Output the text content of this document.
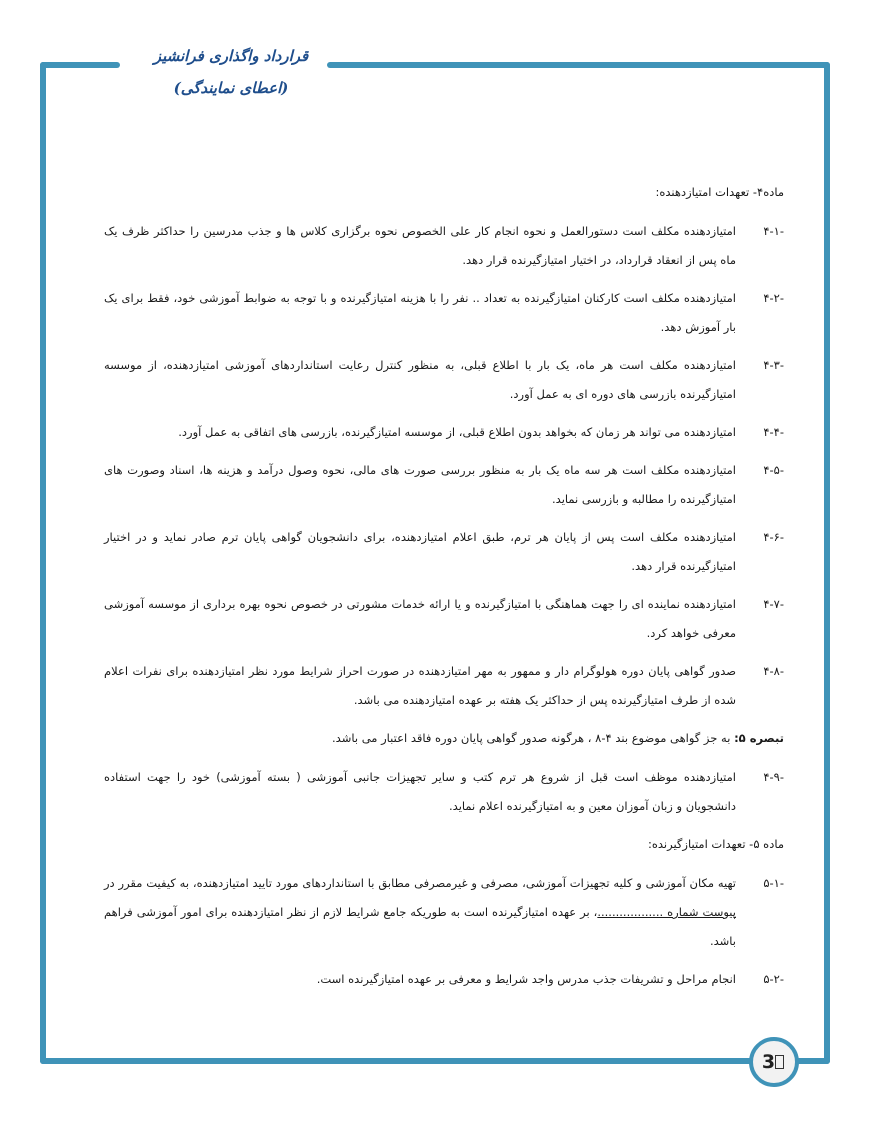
قرارداد واگذاری فرانشیز (اعطای نمایندگی)
3
ماده۴- تعهدات امتیازدهنده:
۴-۱-
امتیازدهنده مکلف است دستورالعمل و نحوه انجام کار علی الخصوص نحوه برگزاری کلاس ها و جذب مدرسین را حداکثر ظرف یک ماه پس از انعقاد قرارداد، در اختیار امتیازگیرنده قرار دهد.
۴-۲-
امتیازدهنده مکلف است کارکنان امتیازگیرنده به تعداد .. نفر را با هزینه امتیازگیرنده و با توجه به ضوابط آموزشی خود، فقط برای یک بار آموزش دهد.
۴-۳-
امتیازدهنده مکلف است هر ماه، یک بار با اطلاع قبلی، به منظور کنترل رعایت استانداردهای آموزشی امتیازدهنده، از موسسه امتیازگیرنده بازرسی های دوره ای به عمل آورد.
۴-۴-
امتیازدهنده می تواند هر زمان که بخواهد بدون اطلاع قبلی، از موسسه امتیازگیرنده، بازرسی های اتفاقی به عمل آورد.
۴-۵-
امتیازدهنده مکلف است هر سه ماه یک بار به منظور بررسی صورت های مالی، نحوه وصول درآمد و هزینه ها، اسناد وصورت های امتیازگیرنده را مطالبه و بازرسی نماید.
۴-۶-
امتیازدهنده مکلف است پس از پایان هر ترم، طبق اعلام امتیازدهنده، برای دانشجویان گواهی پایان ترم صادر نماید و در اختیار امتیازگیرنده قرار دهد.
۴-۷-
امتیازدهنده نماینده ای را جهت هماهنگی با امتیازگیرنده و یا ارائه خدمات مشورتی در خصوص نحوه بهره برداری از موسسه آموزشی معرفی خواهد کرد.
۴-۸-
صدور گواهی پایان دوره هولوگرام دار و ممهور به مهر امتیازدهنده در صورت احراز شرایط مورد نظر امتیازدهنده برای نفرات اعلام شده از طرف امتیازگیرنده پس از حداکثر یک هفته بر عهده امتیازدهنده می باشد.
تبصره ۵: به جز گواهی موضوع بند ۴-۸ ، هرگونه صدور گواهی پایان دوره فاقد اعتبار می باشد.
۴-۹-
امتیازدهنده موظف است قبل از شروع هر ترم کتب و سایر تجهیزات جانبی آموزشی ( بسته آموزشی) خود را جهت استفاده دانشجویان و زبان آموزان معین و به امتیازگیرنده اعلام نماید.
ماده ۵- تعهدات امتیازگیرنده:
۵-۱-
تهیه مکان آموزشی و کلیه تجهیزات آموزشی، مصرفی و غیرمصرفی مطابق با استانداردهای مورد تایید امتیازدهنده، به کیفیت مقرر در پیوست شماره ..................، بر عهده امتیازگیرنده است به طوریکه جامع شرایط لازم از نظر امتیازدهنده برای امور آموزشی فراهم باشد.
۵-۲-
انجام مراحل و تشریفات جذب مدرس واجد شرایط و معرفی بر عهده امتیازگیرنده است.
